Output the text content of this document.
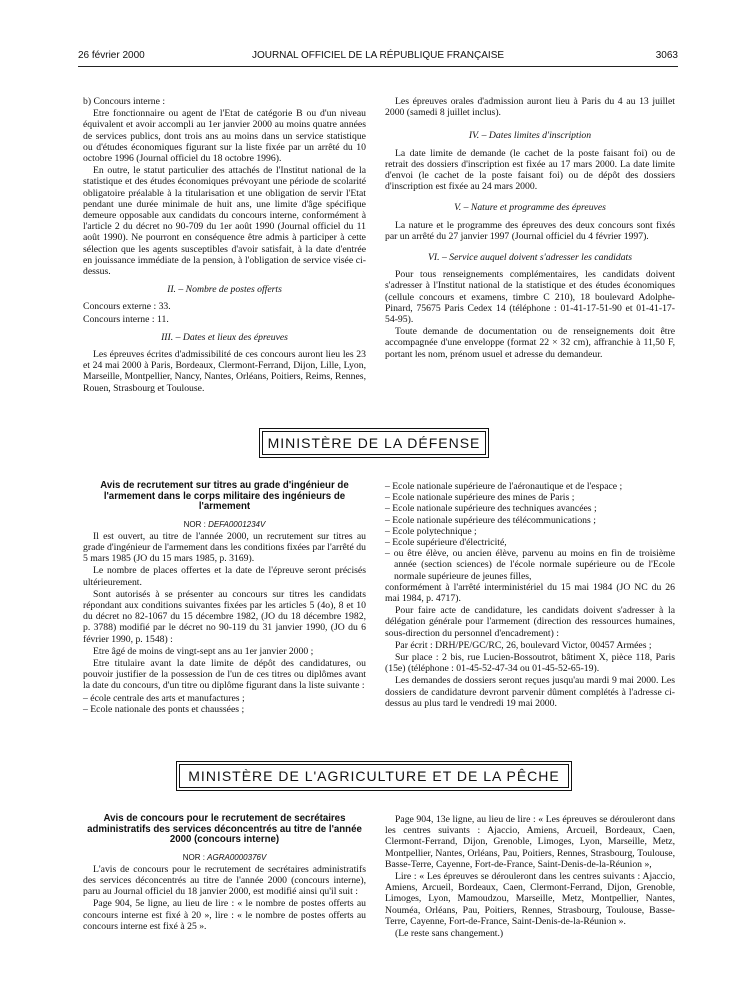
26 février 2000	JOURNAL OFFICIEL DE LA RÉPUBLIQUE FRANÇAISE	3063

b) Concours interne :

Etre fonctionnaire ou agent de l'Etat de catégorie B ou d'un niveau équivalent et avoir accompli au 1er janvier 2000 au moins quatre années de services publics, dont trois ans au moins dans un service statistique ou d'études économiques figurant sur la liste fixée par un arrêté du 10 octobre 1996 (Journal officiel du 18 octobre 1996).

En outre, le statut particulier des attachés de l'Institut national de la statistique et des études économiques prévoyant une période de scolarité obligatoire préalable à la titularisation et une obligation de servir l'Etat pendant une durée minimale de huit ans, une limite d'âge spécifique demeure opposable aux candidats du concours interne, conformément à l'article 2 du décret no 90-709 du 1er août 1990 (Journal officiel du 11 août 1990). Ne pourront en conséquence être admis à participer à cette sélection que les agents susceptibles d'avoir satisfait, à la date d'entrée en jouissance immédiate de la pension, à l'obligation de service visée ci-dessus.

II. – Nombre de postes offerts

Concours externe : 33.

Concours interne : 11.

III. – Dates et lieux des épreuves

Les épreuves écrites d'admissibilité de ces concours auront lieu les 23 et 24 mai 2000 à Paris, Bordeaux, Clermont-Ferrand, Dijon, Lille, Lyon, Marseille, Montpellier, Nancy, Nantes, Orléans, Poitiers, Reims, Rennes, Rouen, Strasbourg et Toulouse.

Les épreuves orales d'admission auront lieu à Paris du 4 au 13 juillet 2000 (samedi 8 juillet inclus).

IV. – Dates limites d'inscription

La date limite de demande (le cachet de la poste faisant foi) ou de retrait des dossiers d'inscription est fixée au 17 mars 2000. La date limite d'envoi (le cachet de la poste faisant foi) ou de dépôt des dossiers d'inscription est fixée au 24 mars 2000.

V. – Nature et programme des épreuves

La nature et le programme des épreuves des deux concours sont fixés par un arrêté du 27 janvier 1997 (Journal officiel du 4 février 1997).

VI. – Service auquel doivent s'adresser les candidats

Pour tous renseignements complémentaires, les candidats doivent s'adresser à l'Institut national de la statistique et des études économiques (cellule concours et examens, timbre C 210), 18 boulevard Adolphe-Pinard, 75675 Paris Cedex 14 (téléphone : 01-41-17-51-90 et 01-41-17-54-95).

Toute demande de documentation ou de renseignements doit être accompagnée d'une enveloppe (format 22 × 32 cm), affranchie à 11,50 F, portant les nom, prénom usuel et adresse du demandeur.

MINISTÈRE DE LA DÉFENSE
Avis de recrutement sur titres au grade d'ingénieur de l'armement dans le corps militaire des ingénieurs de l'armement

NOR : DEFA0001234V

Il est ouvert, au titre de l'année 2000, un recrutement sur titres au grade d'ingénieur de l'armement dans les conditions fixées par l'arrêté du 5 mars 1985 (JO du 15 mars 1985, p. 3169).

Le nombre de places offertes et la date de l'épreuve seront précisés ultérieurement.

Sont autorisés à se présenter au concours sur titres les candidats répondant aux conditions suivantes fixées par les articles 5 (4o), 8 et 10 du décret no 82-1067 du 15 décembre 1982, (JO du 18 décembre 1982, p. 3788) modifié par le décret no 90-119 du 31 janvier 1990, (JO du 6 février 1990, p. 1548) :

Etre âgé de moins de vingt-sept ans au 1er janvier 2000 ;

Etre titulaire avant la date limite de dépôt des candidatures, ou pouvoir justifier de la possession de l'un de ces titres ou diplômes avant la date du concours, d'un titre ou diplôme figurant dans la liste suivante :

– école centrale des arts et manufactures ;
– Ecole nationale des ponts et chaussées ;
– Ecole nationale supérieure de l'aéronautique et de l'espace ;
– Ecole nationale supérieure des mines de Paris ;
– Ecole nationale supérieure des techniques avancées ;
– Ecole nationale supérieure des télécommunications ;
– Ecole polytechnique ;
– Ecole supérieure d'électricité,
– ou être élève, ou ancien élève, parvenu au moins en fin de troisième année (section sciences) de l'école normale supérieure ou de l'Ecole normale supérieure de jeunes filles,

conformément à l'arrêté interministériel du 15 mai 1984 (JO NC du 26 mai 1984, p. 4717).

Pour faire acte de candidature, les candidats doivent s'adresser à la délégation générale pour l'armement (direction des ressources humaines, sous-direction du personnel d'encadrement) :

Par écrit : DRH/PE/GC/RC, 26, boulevard Victor, 00457 Armées ;

Sur place : 2 bis, rue Lucien-Bossoutrot, bâtiment X, pièce 118, Paris (15e) (téléphone : 01-45-52-47-34 ou 01-45-52-65-19).

Les demandes de dossiers seront reçues jusqu'au mardi 9 mai 2000. Les dossiers de candidature devront parvenir dûment complétés à l'adresse ci-dessus au plus tard le vendredi 19 mai 2000.

MINISTÈRE DE L'AGRICULTURE ET DE LA PÊCHE
Avis de concours pour le recrutement de secrétaires administratifs des services déconcentrés au titre de l'année 2000 (concours interne)

NOR : AGRA0000376V

L'avis de concours pour le recrutement de secrétaires administratifs des services déconcentrés au titre de l'année 2000 (concours interne), paru au Journal officiel du 18 janvier 2000, est modifié ainsi qu'il suit :

Page 904, 5e ligne, au lieu de lire : « le nombre de postes offerts au concours interne est fixé à 20 », lire : « le nombre de postes offerts au concours interne est fixé à 25 ».

Page 904, 13e ligne, au lieu de lire : « Les épreuves se dérouleront dans les centres suivants : Ajaccio, Amiens, Arcueil, Bordeaux, Caen, Clermont-Ferrand, Dijon, Grenoble, Limoges, Lyon, Marseille, Metz, Montpellier, Nantes, Orléans, Pau, Poitiers, Rennes, Strasbourg, Toulouse, Basse-Terre, Cayenne, Fort-de-France, Saint-Denis-de-la-Réunion »,

Lire : « Les épreuves se dérouleront dans les centres suivants : Ajaccio, Amiens, Arcueil, Bordeaux, Caen, Clermont-Ferrand, Dijon, Grenoble, Limoges, Lyon, Mamoudzou, Marseille, Metz, Montpellier, Nantes, Nouméa, Orléans, Pau, Poitiers, Rennes, Strasbourg, Toulouse, Basse-Terre, Cayenne, Fort-de-France, Saint-Denis-de-la-Réunion ».

(Le reste sans changement.)
